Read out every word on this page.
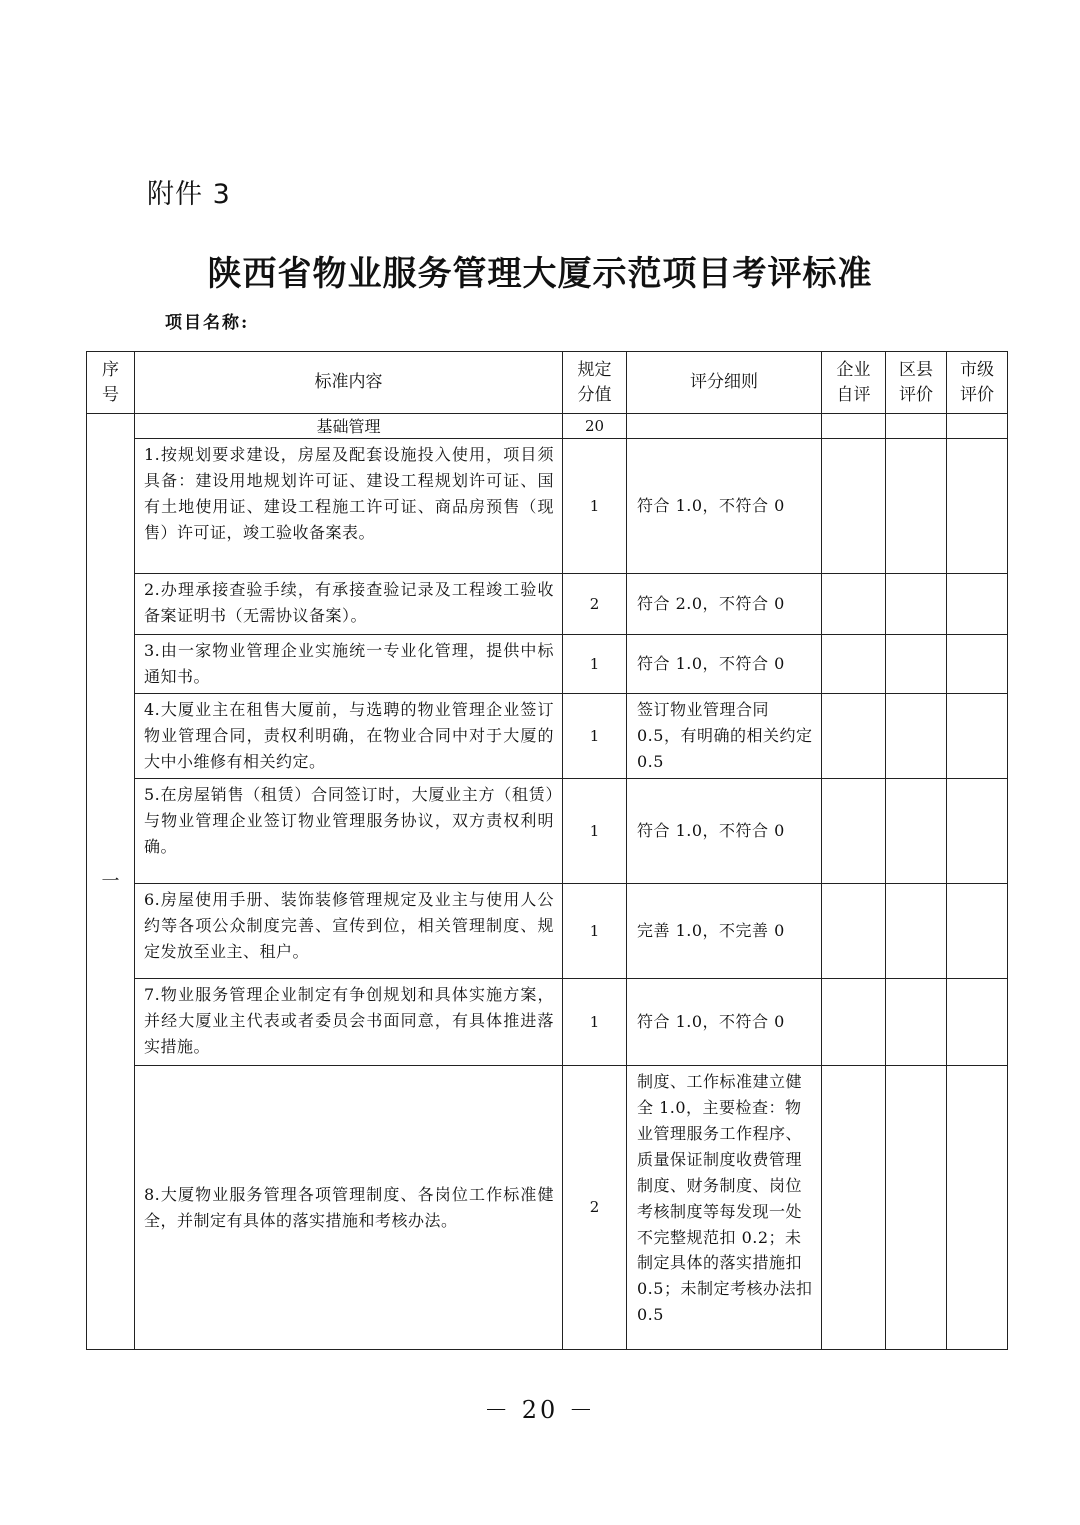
附件 3
陕西省物业服务管理大厦示范项目考评标准
项目名称:
序号	标准内容	规定分值	评分细则	企业自评	区县评价	市级评价
一	基础管理	20				
	1.按规划要求建设，房屋及配套设施投入使用，项目须具备：建设用地规划许可证、建设工程规划许可证、国有土地使用证、建设工程施工许可证、商品房预售（现售）许可证，竣工验收备案表。	1	符合 1.0，不符合 0			
	2.办理承接查验手续，有承接查验记录及工程竣工验收备案证明书（无需协议备案）。	2	符合 2.0，不符合 0			
	3.由一家物业管理企业实施统一专业化管理，提供中标通知书。	1	符合 1.0，不符合 0			
	4.大厦业主在租售大厦前，与选聘的物业管理企业签订物业管理合同，责权利明确，在物业合同中对于大厦的大中小维修有相关约定。	1	签订物业管理合同 0.5，有明确的相关约定 0.5			
	5.在房屋销售（租赁）合同签订时，大厦业主方（租赁）与物业管理企业签订物业管理服务协议，双方责权利明确。	1	符合 1.0，不符合 0			
	6.房屋使用手册、装饰装修管理规定及业主与使用人公约等各项公众制度完善、宣传到位，相关管理制度、规定发放至业主、租户。	1	完善 1.0，不完善 0			
	7.物业服务管理企业制定有争创规划和具体实施方案，并经大厦业主代表或者委员会书面同意，有具体推进落实措施。	1	符合 1.0，不符合 0			
	8.大厦物业服务管理各项管理制度、各岗位工作标准健全，并制定有具体的落实措施和考核办法。	2	制度、工作标准建立健全 1.0，主要检查：物业管理服务工作程序、质量保证制度收费管理制度、财务制度、岗位考核制度等每发现一处不完整规范扣 0.2；未制定具体的落实措施扣 0.5；未制定考核办法扣 0.5			
－ 20 －
